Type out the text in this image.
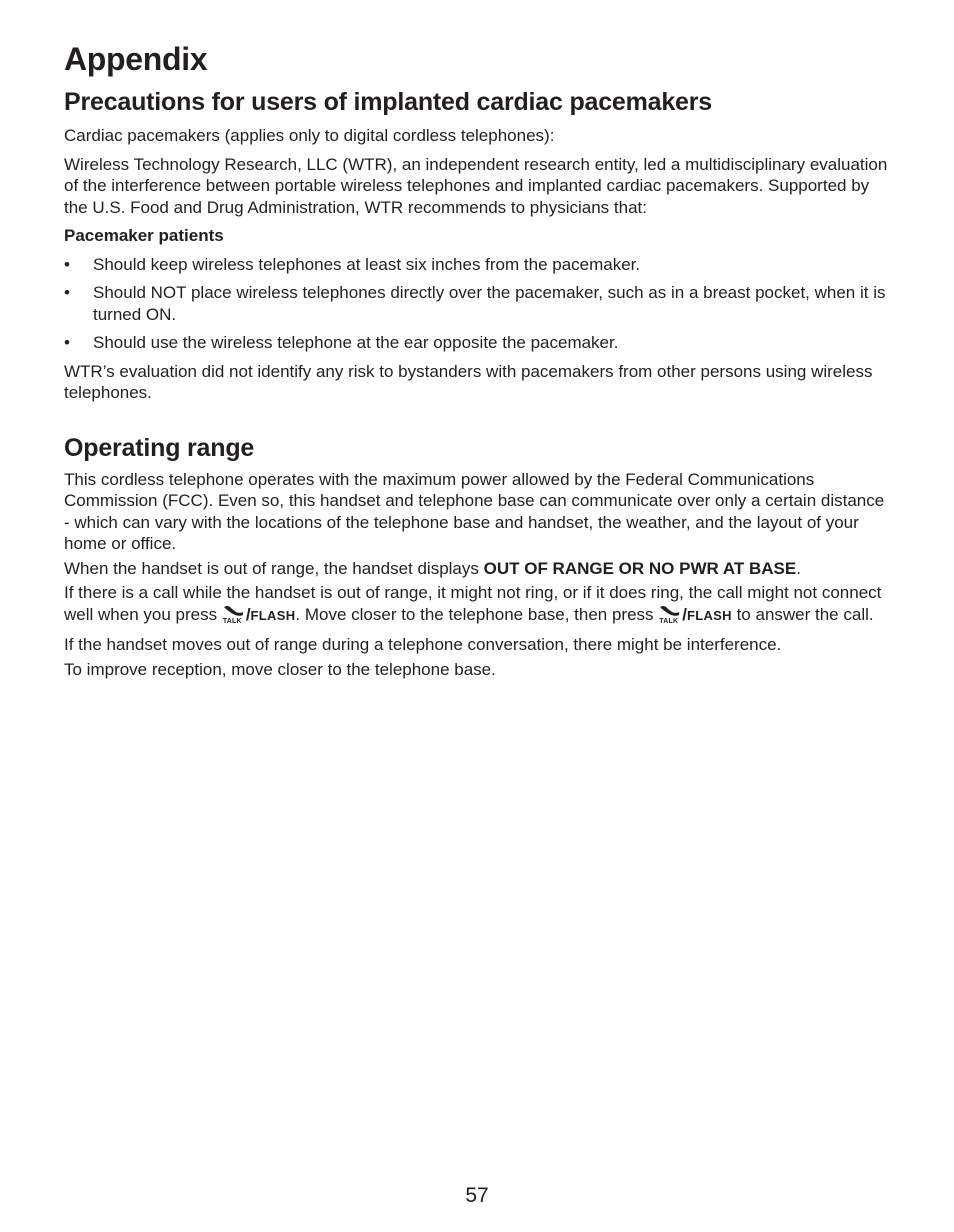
Appendix
Precautions for users of implanted cardiac pacemakers

Cardiac pacemakers (applies only to digital cordless telephones):

Wireless Technology Research, LLC (WTR), an independent research entity, led a multidisciplinary evaluation of the interference between portable wireless telephones and implanted cardiac pacemakers. Supported by the U.S. Food and Drug Administration, WTR recommends to physicians that:

Pacemaker patients
• Should keep wireless telephones at least six inches from the pacemaker.
• Should NOT place wireless telephones directly over the pacemaker, such as in a breast pocket, when it is turned ON.
• Should use the wireless telephone at the ear opposite the pacemaker.

WTR’s evaluation did not identify any risk to bystanders with pacemakers from other persons using wireless telephones.

Operating range

This cordless telephone operates with the maximum power allowed by the Federal Communications Commission (FCC). Even so, this handset and telephone base can communicate over only a certain distance - which can vary with the locations of the telephone base and handset, the weather, and the layout of your home or office.

When the handset is out of range, the handset displays OUT OF RANGE OR NO PWR AT BASE.

If there is a call while the handset is out of range, it might not ring, or if it does ring, the call might not connect well when you press TALK /FLASH. Move closer to the telephone base, then press TALK /FLASH to answer the call.

If the handset moves out of range during a telephone conversation, there might be interference.

To improve reception, move closer to the telephone base.

57
